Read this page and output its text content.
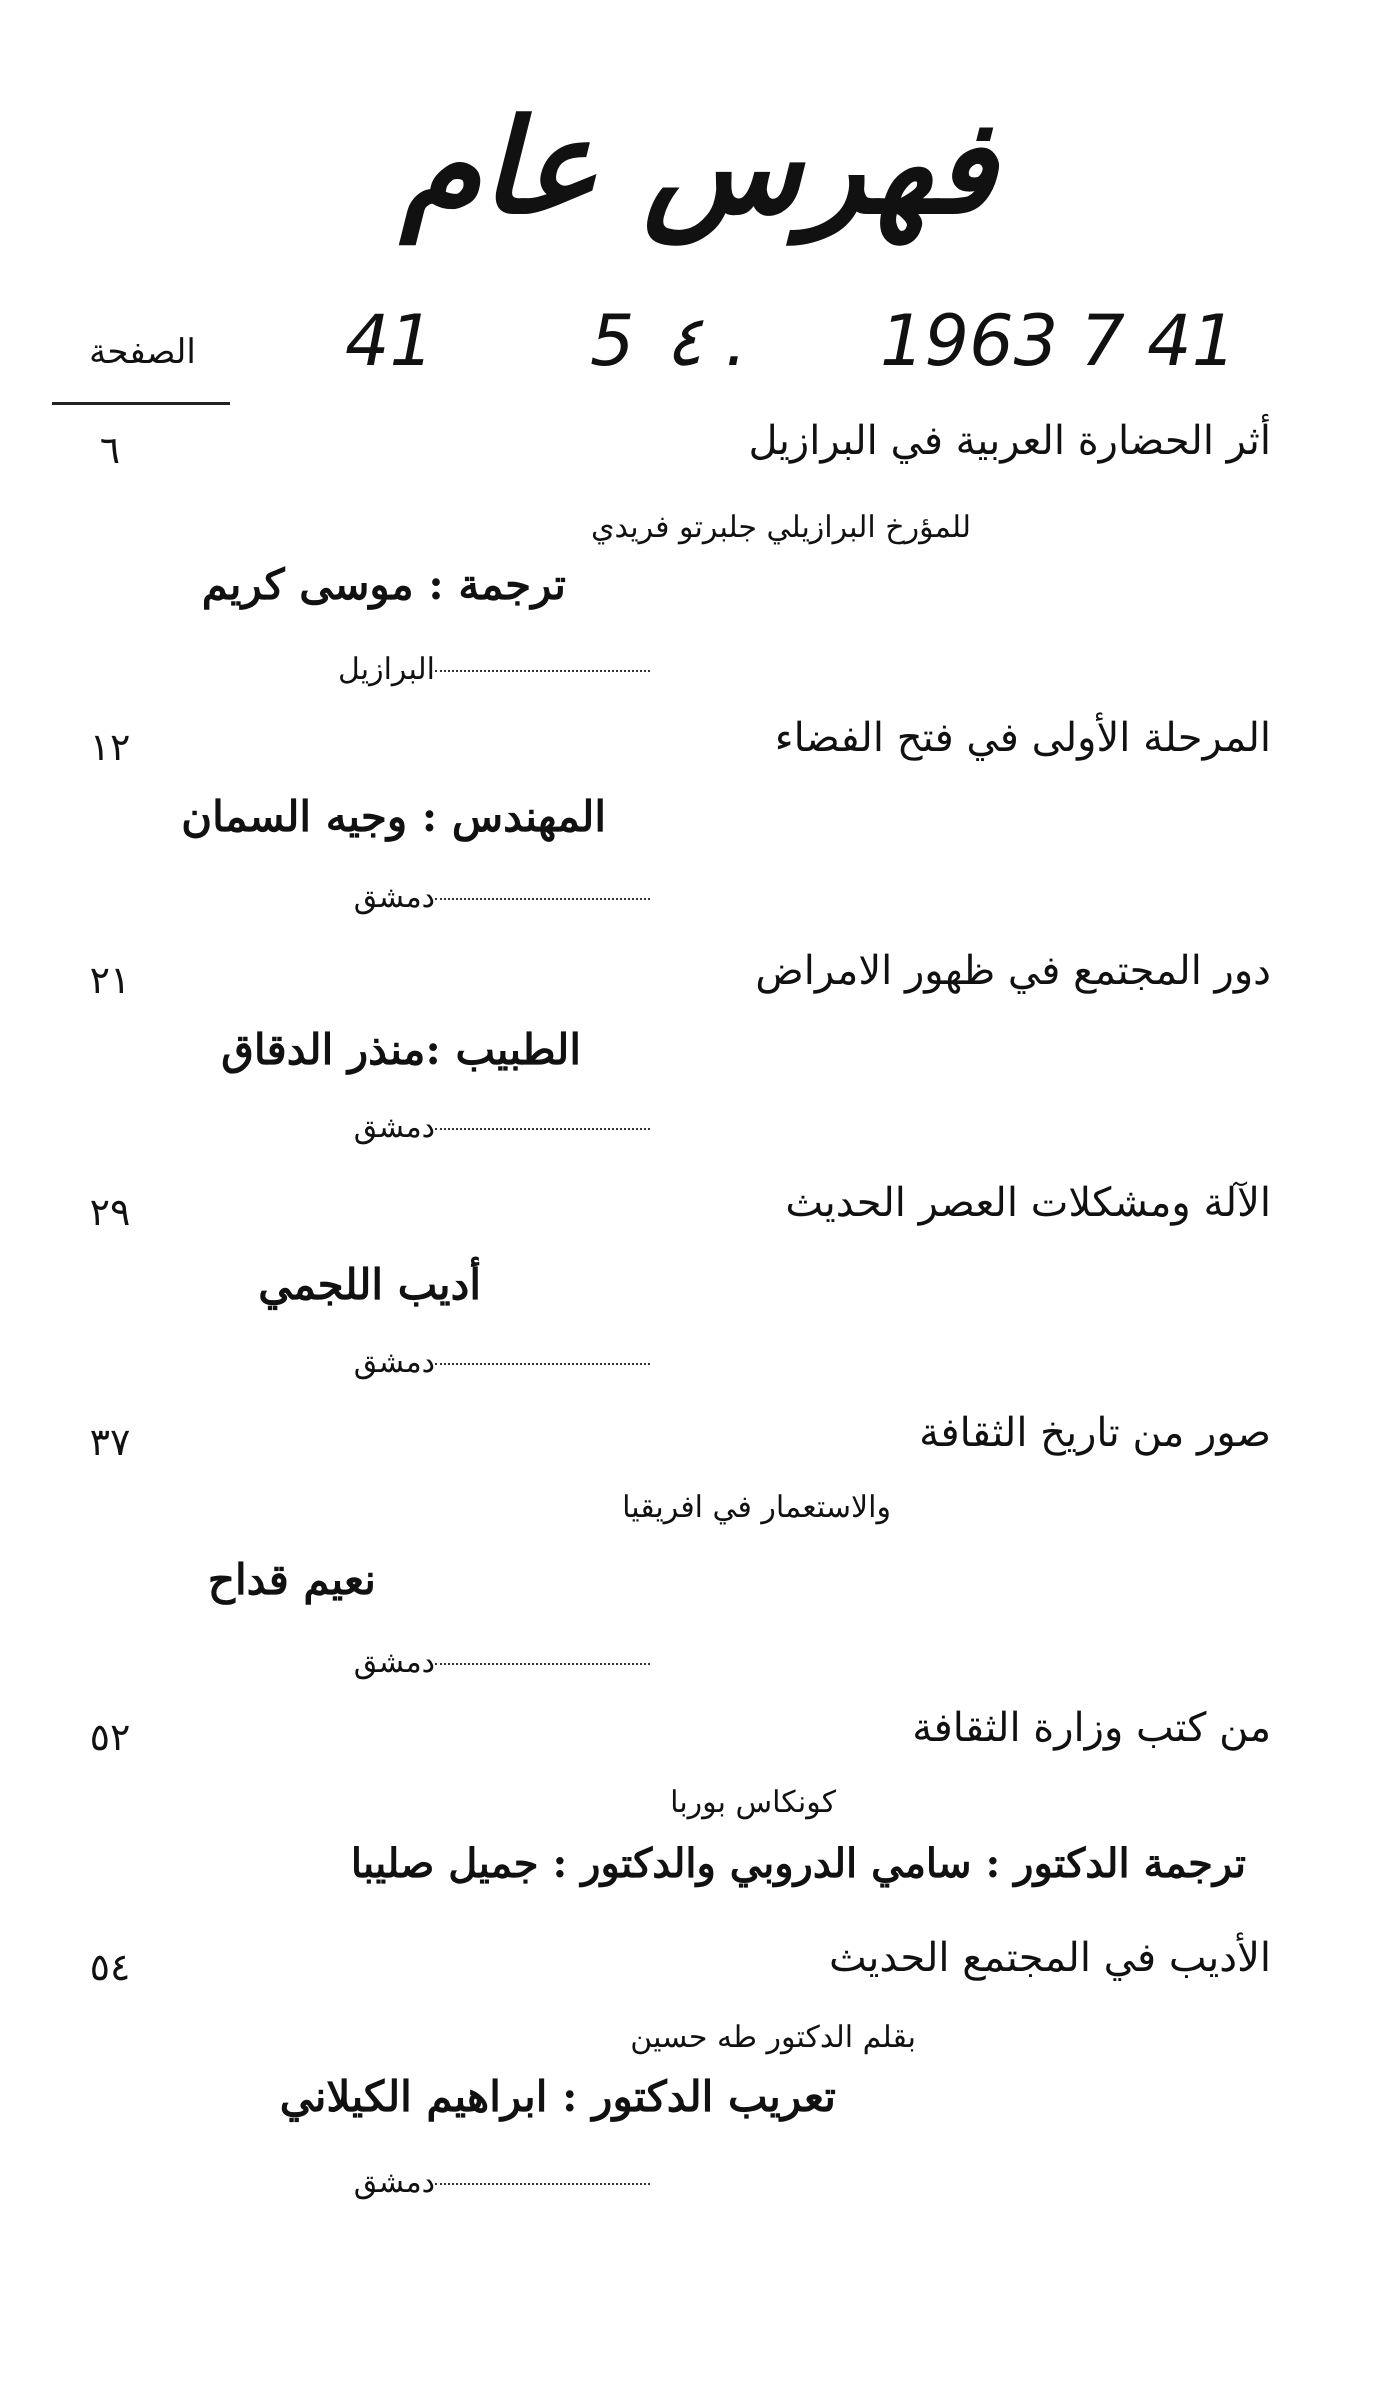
فهرس عام
1963 7 41
٤ .
5
41
الصفحة
أثر الحضارة العربية في البرازيل
٦
للمؤرخ البرازيلي جلبرتو فريدي
ترجمة : موسى كريم
البرازيل
المرحلة الأولى في فتح الفضاء
١٢
المهندس : وجيه السمان
دمشق
دور المجتمع في ظهور الامراض
٢١
الطبيب :منذر الدقاق
دمشق
الآلة ومشكلات العصر الحديث
٢٩
أديب اللجمي
دمشق
صور من تاريخ الثقافة
٣٧
والاستعمار في افريقيا
نعيم قداح
دمشق
من كتب وزارة الثقافة
٥٢
كونكاس بوربا
ترجمة الدكتور : سامي الدروبي والدكتور : جميل صليبا
الأديب في المجتمع الحديث
٥٤
بقلم الدكتور طه حسين
تعريب الدكتور : ابراهيم الكيلاني
دمشق
